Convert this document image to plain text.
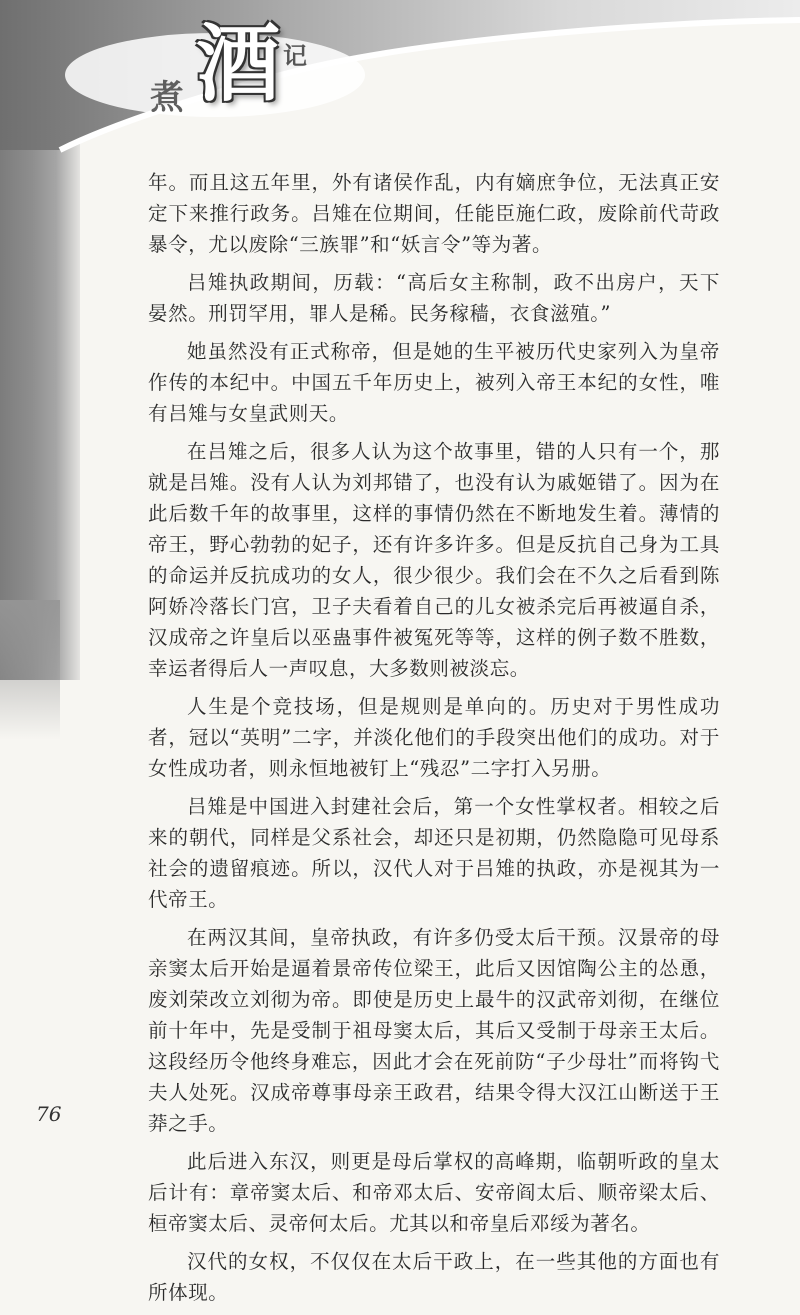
煮 酒 记

年。而且这五年里，外有诸侯作乱，内有嫡庶争位，无法真正安定下来推行政务。吕雉在位期间，任能臣施仁政，废除前代苛政暴令，尤以废除“三族罪”和“妖言令”等为著。

吕雉执政期间，历载：“高后女主称制，政不出房户，天下晏然。刑罚罕用，罪人是稀。民务稼穑，衣食滋殖。”

她虽然没有正式称帝，但是她的生平被历代史家列入为皇帝作传的本纪中。中国五千年历史上，被列入帝王本纪的女性，唯有吕雉与女皇武则天。

在吕雉之后，很多人认为这个故事里，错的人只有一个，那就是吕雉。没有人认为刘邦错了，也没有认为戚姬错了。因为在此后数千年的故事里，这样的事情仍然在不断地发生着。薄情的帝王，野心勃勃的妃子，还有许多许多。但是反抗自己身为工具的命运并反抗成功的女人，很少很少。我们会在不久之后看到陈阿娇冷落长门宫，卫子夫看着自己的儿女被杀完后再被逼自杀，汉成帝之许皇后以巫蛊事件被冤死等等，这样的例子数不胜数，幸运者得后人一声叹息，大多数则被淡忘。

人生是个竞技场，但是规则是单向的。历史对于男性成功者，冠以“英明”二字，并淡化他们的手段突出他们的成功。对于女性成功者，则永恒地被钉上“残忍”二字打入另册。

吕雉是中国进入封建社会后，第一个女性掌权者。相较之后来的朝代，同样是父系社会，却还只是初期，仍然隐隐可见母系社会的遗留痕迹。所以，汉代人对于吕雉的执政，亦是视其为一代帝王。

在两汉其间，皇帝执政，有许多仍受太后干预。汉景帝的母亲窦太后开始是逼着景帝传位梁王，此后又因馆陶公主的怂恿，废刘荣改立刘彻为帝。即使是历史上最牛的汉武帝刘彻，在继位前十年中，先是受制于祖母窦太后，其后又受制于母亲王太后。这段经历令他终身难忘，因此才会在死前防“子少母壮”而将钩弋夫人处死。汉成帝尊事母亲王政君，结果令得大汉江山断送于王莽之手。

此后进入东汉，则更是母后掌权的高峰期，临朝听政的皇太后计有：章帝窦太后、和帝邓太后、安帝阎太后、顺帝梁太后、桓帝窦太后、灵帝何太后。尤其以和帝皇后邓绥为著名。

汉代的女权，不仅仅在太后干政上，在一些其他的方面也有所体现。

76
